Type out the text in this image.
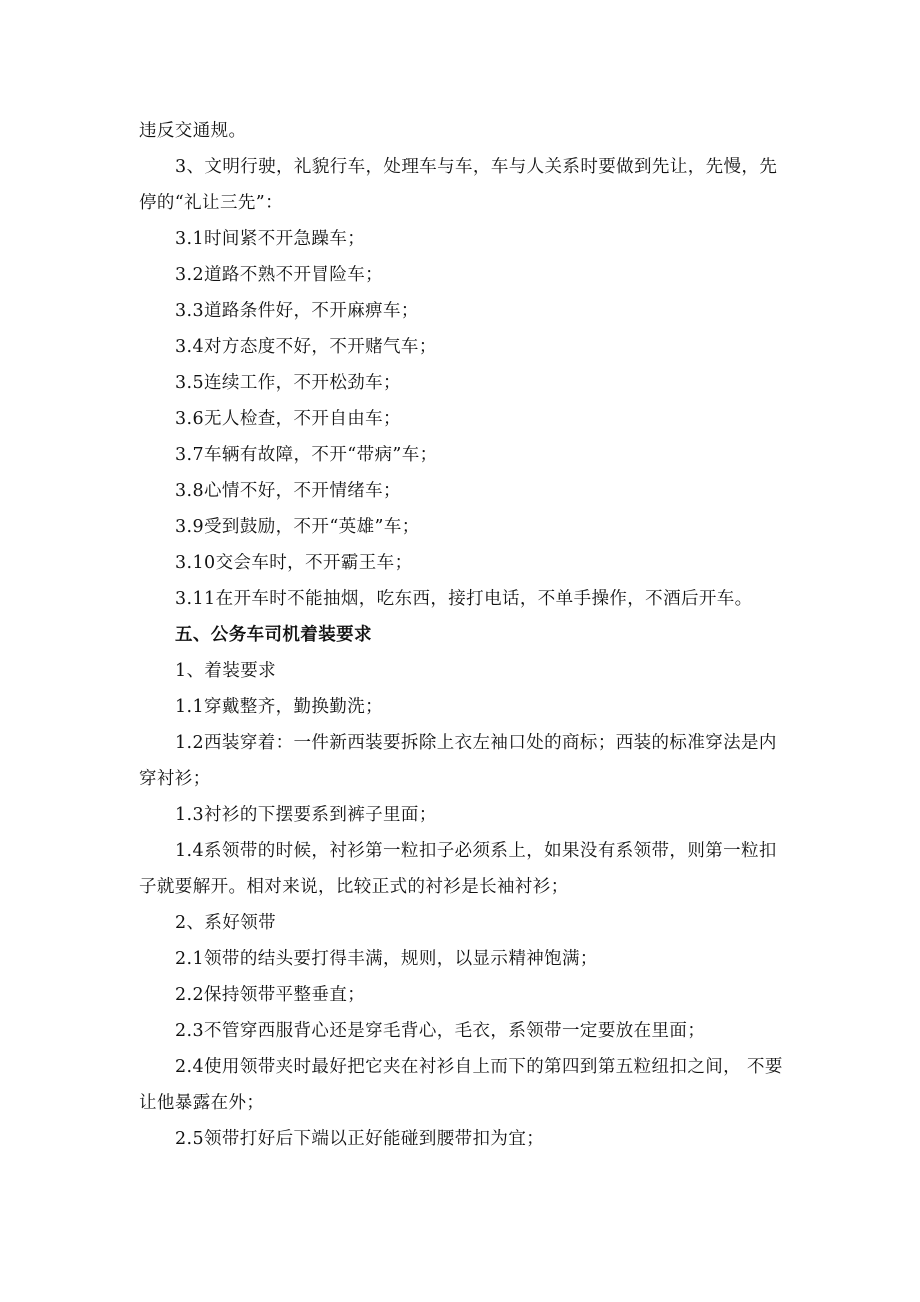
违反交通规。

3、文明行驶，礼貌行车，处理车与车，车与人关系时要做到先让，先慢，先停的“礼让三先”：

3.1时间紧不开急躁车；

3.2道路不熟不开冒险车；

3.3道路条件好，不开麻痹车；

3.4对方态度不好，不开赌气车；

3.5连续工作，不开松劲车；

3.6无人检查，不开自由车；

3.7车辆有故障，不开“带病”车；

3.8心情不好，不开情绪车；

3.9受到鼓励，不开“英雄”车；

3.10交会车时，不开霸王车；

3.11在开车时不能抽烟，吃东西，接打电话，不单手操作，不酒后开车。

五、公务车司机着装要求

1、着装要求

1.1穿戴整齐，勤换勤洗；

1.2西装穿着：一件新西装要拆除上衣左袖口处的商标；西装的标准穿法是内穿衬衫；

1.3衬衫的下摆要系到裤子里面；

1.4系领带的时候，衬衫第一粒扣子必须系上，如果没有系领带，则第一粒扣子就要解开。相对来说，比较正式的衬衫是长袖衬衫；

2、系好领带

2.1领带的结头要打得丰满，规则，以显示精神饱满；

2.2保持领带平整垂直；

2.3不管穿西服背心还是穿毛背心，毛衣，系领带一定要放在里面；

2.4使用领带夹时最好把它夹在衬衫自上而下的第四到第五粒纽扣之间， 不要让他暴露在外；

2.5领带打好后下端以正好能碰到腰带扣为宜；
